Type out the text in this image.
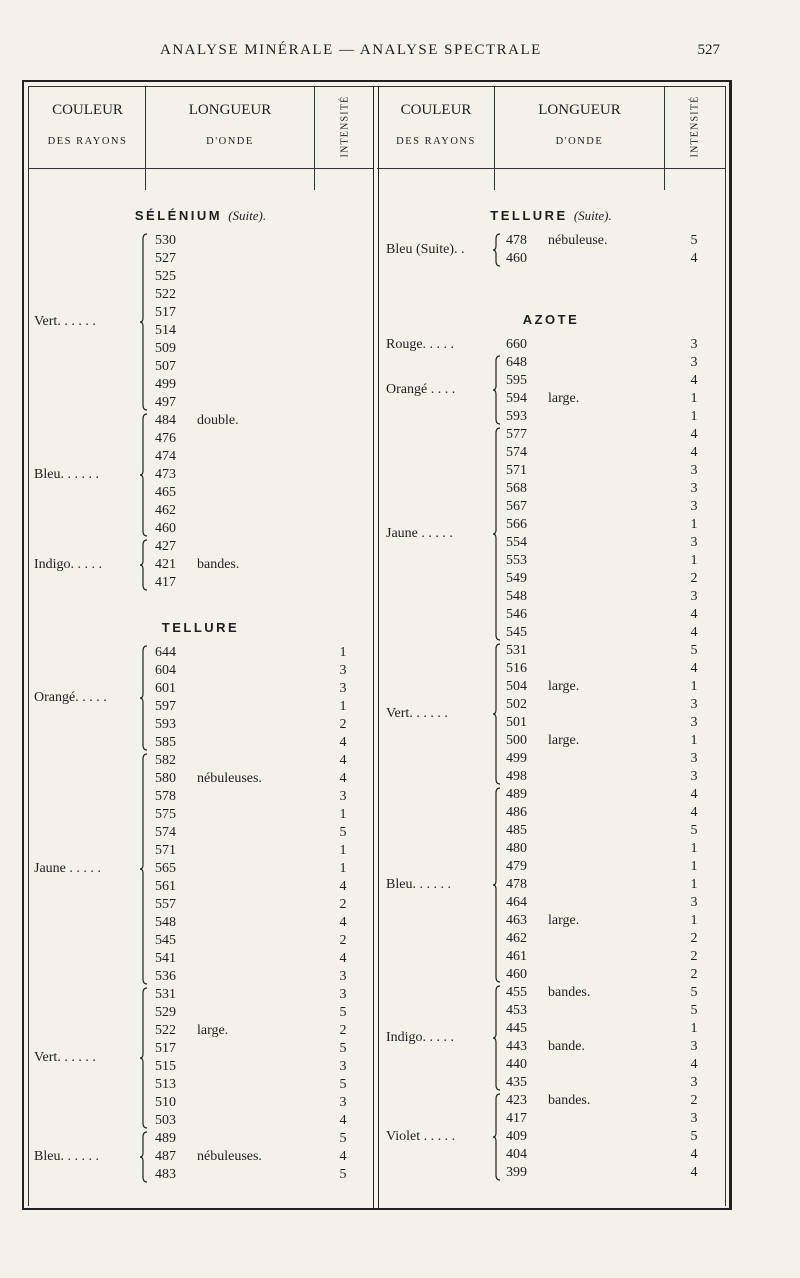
ANALYSE MINÉRALE — ANALYSE SPECTRALE	527
COULEUR
DES RAYONS
LONGUEUR
D'ONDE	INTENSITÉ	COULEUR
DES RAYONS
LONGUEUR
D'ONDE	INTENSITÉ
SÉLÉNIUM (Suite).
Vert. . . . . .
530
527
525
522
517
514
509
507
499
497
Bleu. . . . . .
484 double.
476
474
473
465
462
460
Indigo. . . . .
427
421 bandes.
417
TELLURE
Orangé. . . . .
644	1
604	3
601	3
597	1
593	2
585	4
Jaune . . . . .
582	4
580 nébuleuses.	4
578	3
575	1
574	5
571	1
565	1
561	4
557	2
548	4
545	2
541	4
536	3
Vert. . . . . .
531	3
529	5
522 large.	2
517	5
515	3
513	5
510	3
503	4
Bleu. . . . . .
489	5
487 nébuleuses.	4
483	5
TELLURE (Suite).
Bleu (Suite). .
478 nébuleuse.	5
460	4
AZOTE
Rouge. . . . .	660	3
Orangé . . . .
648	3
595	4
594 large.	1
593	1
Jaune . . . . .
577	4
574	4
571	3
568	3
567	3
566	1
554	3
553	1
549	2
548	3
546	4
545	4
Vert. . . . . .
531	5
516	4
504 large.	1
502	3
501	3
500 large.	1
499	3
498	3
Bleu. . . . . .
489	4
486	4
485	5
480	1
479	1
478	1
464	3
463 large.	1
462	2
461	2
460	2
Indigo. . . . .
455 bandes.	5
453	5
445	1
443 bande.	3
440	4
435	3
Violet . . . . .
423 bandes.	2
417	3
409	5
404	4
399	4
